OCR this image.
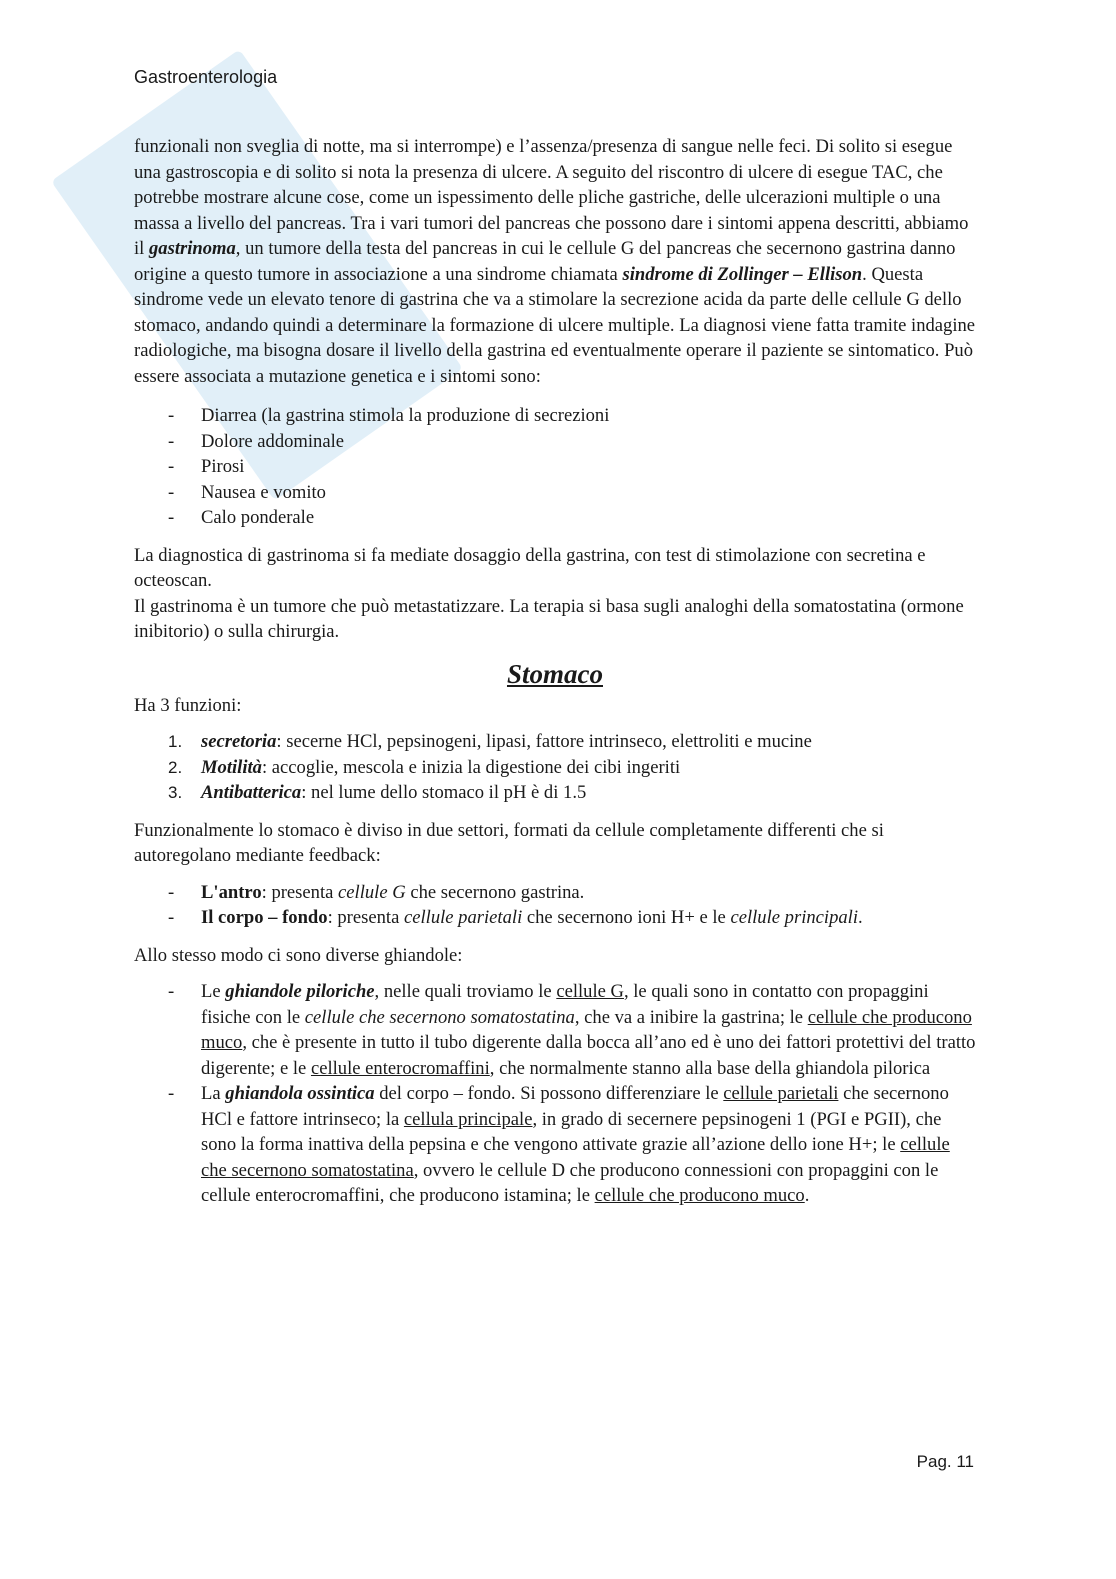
Gastroenterologia

funzionali non sveglia di notte, ma si interrompe) e l’assenza/presenza di sangue nelle feci. Di solito si esegue una gastroscopia e di solito si nota la presenza di ulcere. A seguito del riscontro di ulcere di esegue TAC, che potrebbe mostrare alcune cose, come un ispessimento delle pliche gastriche, delle ulcerazioni multiple o una massa a livello del pancreas. Tra i vari tumori del pancreas che possono dare i sintomi appena descritti, abbiamo il gastrinoma, un tumore della testa del pancreas in cui le cellule G del pancreas che secernono gastrina danno origine a questo tumore in associazione a una sindrome chiamata sindrome di Zollinger – Ellison. Questa sindrome vede un elevato tenore di gastrina che va a stimolare la secrezione acida da parte delle cellule G dello stomaco, andando quindi a determinare la formazione di ulcere multiple. La diagnosi viene fatta tramite indagine radiologiche, ma bisogna dosare il livello della gastrina ed eventualmente operare il paziente se sintomatico. Può essere associata a mutazione genetica e i sintomi sono:

- Diarrea (la gastrina stimola la produzione di secrezioni
- Dolore addominale
- Pirosi
- Nausea e vomito
- Calo ponderale

La diagnostica di gastrinoma si fa mediate dosaggio della gastrina, con test di stimolazione con secretina e octeoscan.

Il gastrinoma è un tumore che può metastatizzare. La terapia si basa sugli analoghi della somatostatina (ormone inibitorio) o sulla chirurgia.

Stomaco

Ha 3 funzioni:

1. secretoria: secerne HCl, pepsinogeni, lipasi, fattore intrinseco, elettroliti e mucine
2. Motilità: accoglie, mescola e inizia la digestione dei cibi ingeriti
3. Antibatterica: nel lume dello stomaco il pH è di 1.5

Funzionalmente lo stomaco è diviso in due settori, formati da cellule completamente differenti che si autoregolano mediante feedback:

- L'antro: presenta cellule G che secernono gastrina.
- Il corpo – fondo: presenta cellule parietali che secernono ioni H+ e le cellule principali.

Allo stesso modo ci sono diverse ghiandole:

- Le ghiandole piloriche, nelle quali troviamo le cellule G, le quali sono in contatto con propaggini fisiche con le cellule che secernono somatostatina, che va a inibire la gastrina; le cellule che producono muco, che è presente in tutto il tubo digerente dalla bocca all’ano ed è uno dei fattori protettivi del tratto digerente; e le cellule enterocromaffini, che normalmente stanno alla base della ghiandola pilorica
- La ghiandola ossintica del corpo – fondo. Si possono differenziare le cellule parietali che secernono HCl e fattore intrinseco; la cellula principale, in grado di secernere pepsinogeni 1 (PGI e PGII), che sono la forma inattiva della pepsina e che vengono attivate grazie all’azione dello ione H+; le cellule che secernono somatostatina, ovvero le cellule D che producono connessioni con propaggini con le cellule enterocromaffini, che producono istamina; le cellule che producono muco.
Pag. 11
